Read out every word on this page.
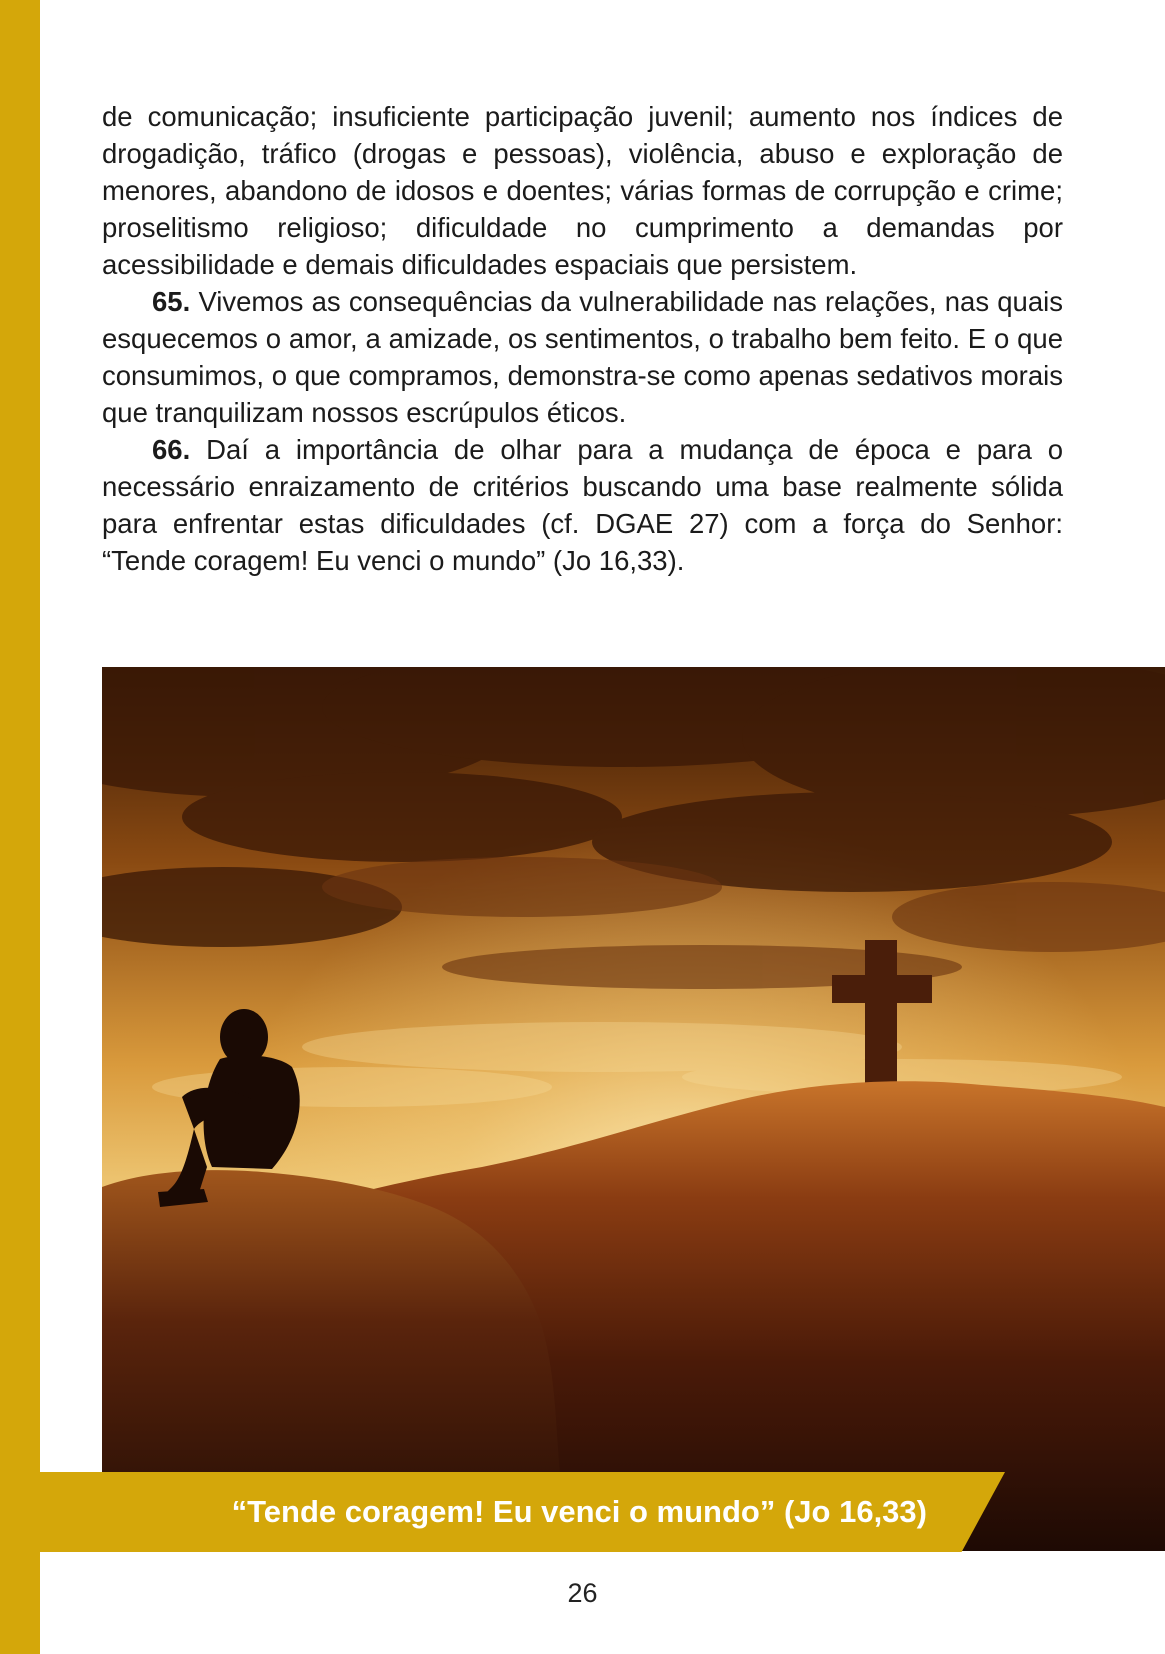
de comunicação; insuficiente participação juvenil; aumento nos índices de drogadição, tráfico (drogas e pessoas), violência, abuso e exploração de menores, abandono de idosos e doentes; várias formas de corrupção e crime; proselitismo religioso; dificuldade no cumprimento a demandas por acessibilidade e demais dificuldades espaciais que persistem.

65. Vivemos as consequências da vulnerabilidade nas relações, nas quais esquecemos o amor, a amizade, os sentimentos, o trabalho bem feito. E o que consumimos, o que compramos, demonstra-se como apenas sedativos morais que tranquilizam nossos escrúpulos éticos.

66. Daí a importância de olhar para a mudança de época e para o necessário enraizamento de critérios buscando uma base realmente sólida para enfrentar estas dificuldades (cf. DGAE 27) com a força do Senhor: “Tende coragem! Eu venci o mundo” (Jo 16,33).

“Tende coragem! Eu venci o mundo” (Jo 16,33)
26
